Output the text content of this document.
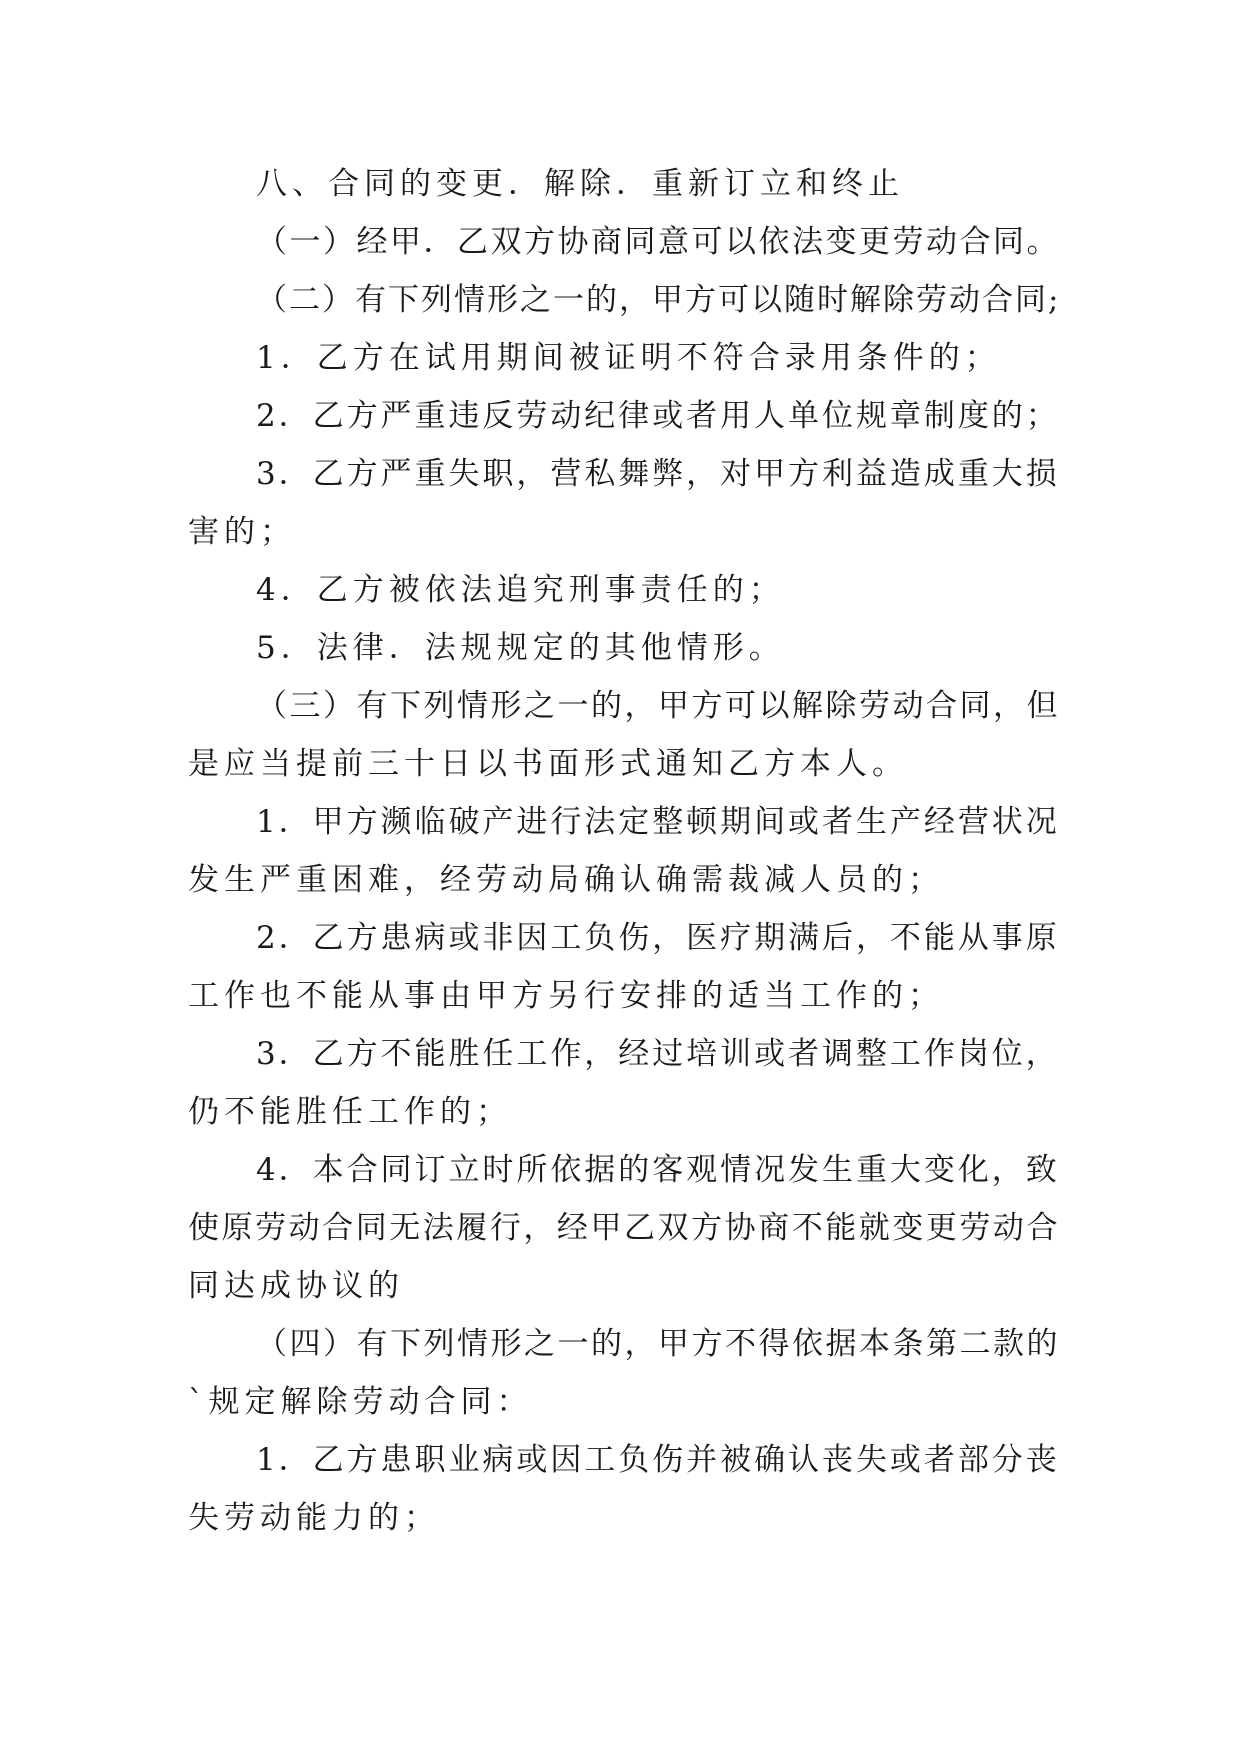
八、合同的变更．解除．重新订立和终止
（一）经甲．乙双方协商同意可以依法变更劳动合同。
（二）有下列情形之一的，甲方可以随时解除劳动合同;
1．乙方在试用期间被证明不符合录用条件的；
2．乙方严重违反劳动纪律或者用人单位规章制度的；
3．乙方严重失职，营私舞弊，对甲方利益造成重大损
害的；
4．乙方被依法追究刑事责任的；
5．法律．法规规定的其他情形。
（三）有下列情形之一的，甲方可以解除劳动合同，但
是应当提前三十日以书面形式通知乙方本人。
1．甲方濒临破产进行法定整顿期间或者生产经营状况
发生严重困难，经劳动局确认确需裁减人员的；
2．乙方患病或非因工负伤，医疗期满后，不能从事原
工作也不能从事由甲方另行安排的适当工作的；
3．乙方不能胜任工作，经过培训或者调整工作岗位，
仍不能胜任工作的；
4．本合同订立时所依据的客观情况发生重大变化，致
使原劳动合同无法履行，经甲乙双方协商不能就变更劳动合
同达成协议的
（四）有下列情形之一的，甲方不得依据本条第二款的
`规定解除劳动合同：
1．乙方患职业病或因工负伤并被确认丧失或者部分丧
失劳动能力的；
